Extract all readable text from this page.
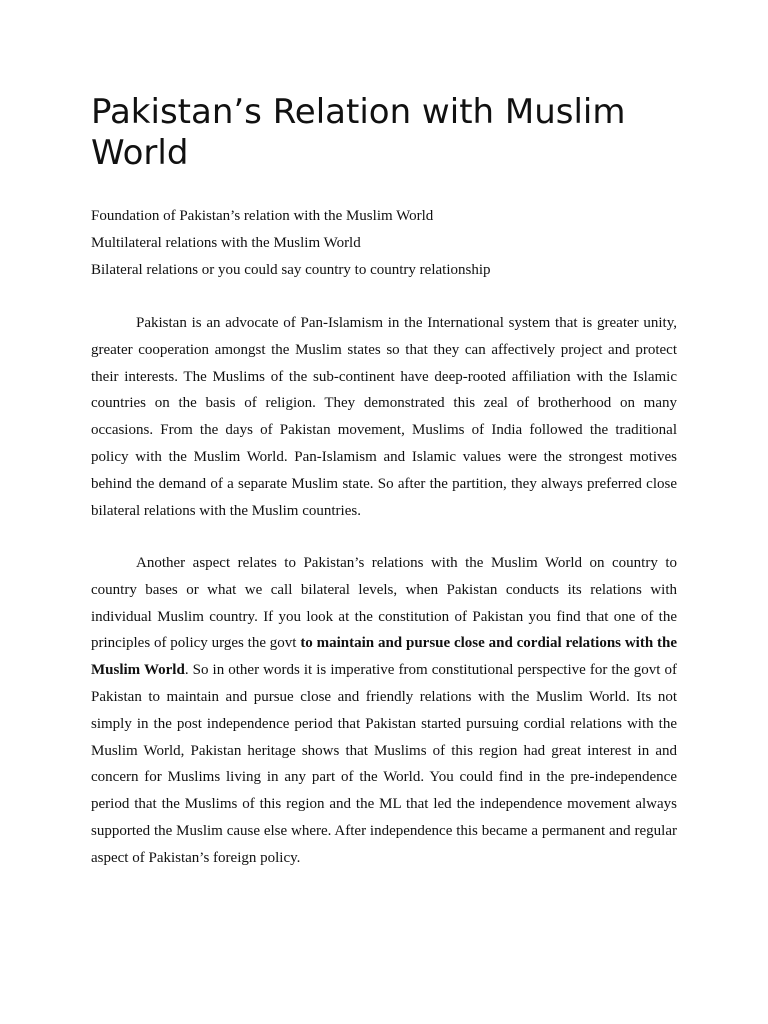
Pakistan’s Relation with Muslim World
Foundation of Pakistan’s relation with the Muslim World
Multilateral relations with the Muslim World
Bilateral relations or you could say country to country relationship

Pakistan is an advocate of Pan-Islamism in the International system that is greater unity, greater cooperation amongst the Muslim states so that they can affectively project and protect their interests. The Muslims of the sub-continent have deep-rooted affiliation with the Islamic countries on the basis of religion. They demonstrated this zeal of brotherhood on many occasions. From the days of Pakistan movement, Muslims of India followed the traditional policy with the Muslim World. Pan-Islamism and Islamic values were the strongest motives behind the demand of a separate Muslim state. So after the partition, they always preferred close bilateral relations with the Muslim countries.

Another aspect relates to Pakistan’s relations with the Muslim World on country to country bases or what we call bilateral levels, when Pakistan conducts its relations with individual Muslim country. If you look at the constitution of Pakistan you find that one of the principles of policy urges the govt to maintain and pursue close and cordial relations with the Muslim World. So in other words it is imperative from constitutional perspective for the govt of Pakistan to maintain and pursue close and friendly relations with the Muslim World. Its not simply in the post independence period that Pakistan started pursuing cordial relations with the Muslim World, Pakistan heritage shows that Muslims of this region had great interest in and concern for Muslims living in any part of the World. You could find in the pre-independence period that the Muslims of this region and the ML that led the independence movement always supported the Muslim cause else where. After independence this became a permanent and regular aspect of Pakistan’s foreign policy.
